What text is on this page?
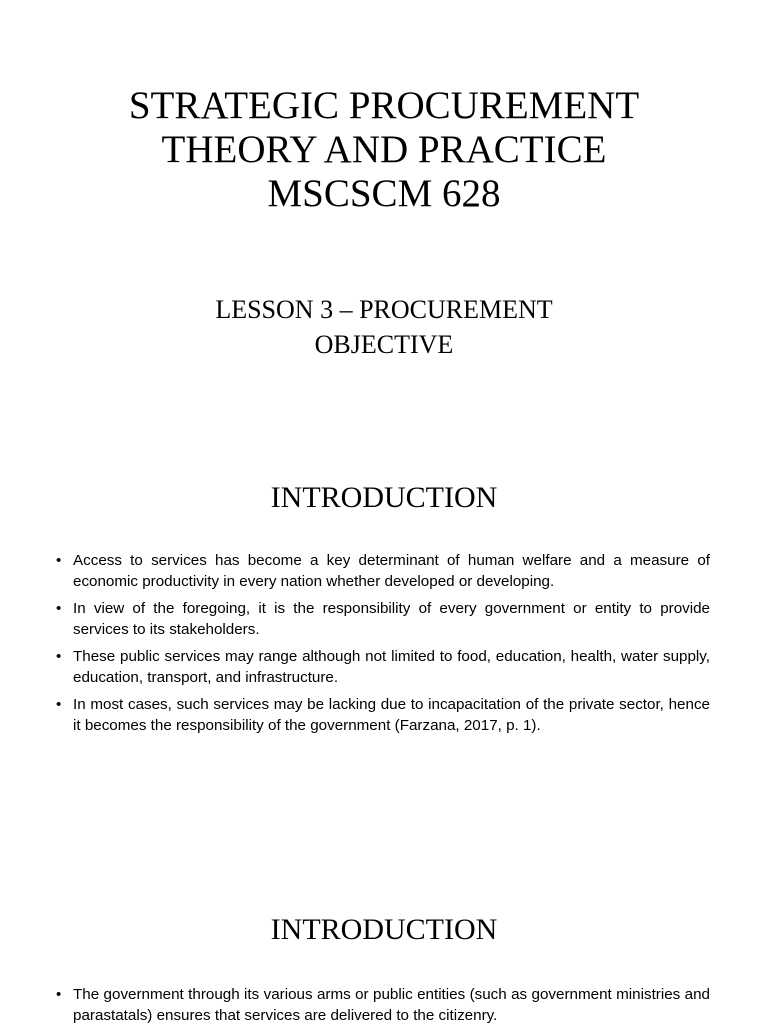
STRATEGIC PROCUREMENT
THEORY AND PRACTICE
MSCSCM 628

LESSON 3 – PROCUREMENT

OBJECTIVE

INTRODUCTION
• Access to services has become a key determinant of human welfare and a measure of economic productivity in every nation whether developed or developing.
• In view of the foregoing, it is the responsibility of every government or entity to provide services to its stakeholders.
• These public services may range although not limited to food, education, health, water supply, education, transport, and infrastructure.
• In most cases, such services may be lacking due to incapacitation of the private sector, hence it becomes the responsibility of the government (Farzana, 2017, p. 1).
INTRODUCTION
• The government through its various arms or public entities (such as government ministries and parastatals) ensures that services are delivered to the citizenry.
